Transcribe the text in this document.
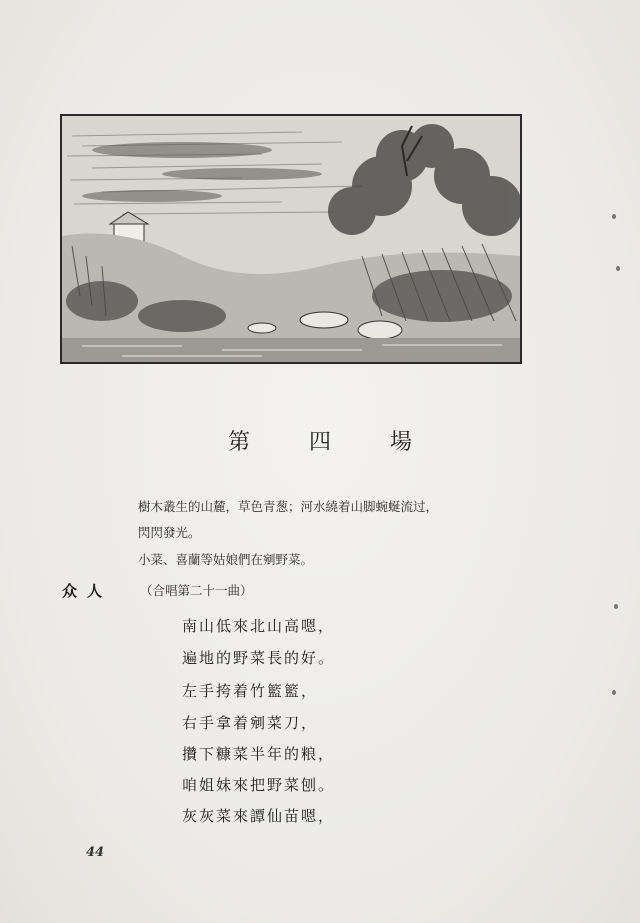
第 四 場
樹木叢生的山麓，草色青葱；河水繞着山脚蜿蜒流过，
閃閃發光。
小菜、喜蘭等姑娘們在剜野菜。
众人 （合唱第二十一曲）
南山低來北山高嗯，
遍地的野菜長的好。
左手挎着竹籃籃，
右手拿着剜菜刀，
攢下糠菜半年的粮，
咱姐妹來把野菜刨。
灰灰菜來譚仙苗嗯，
44
